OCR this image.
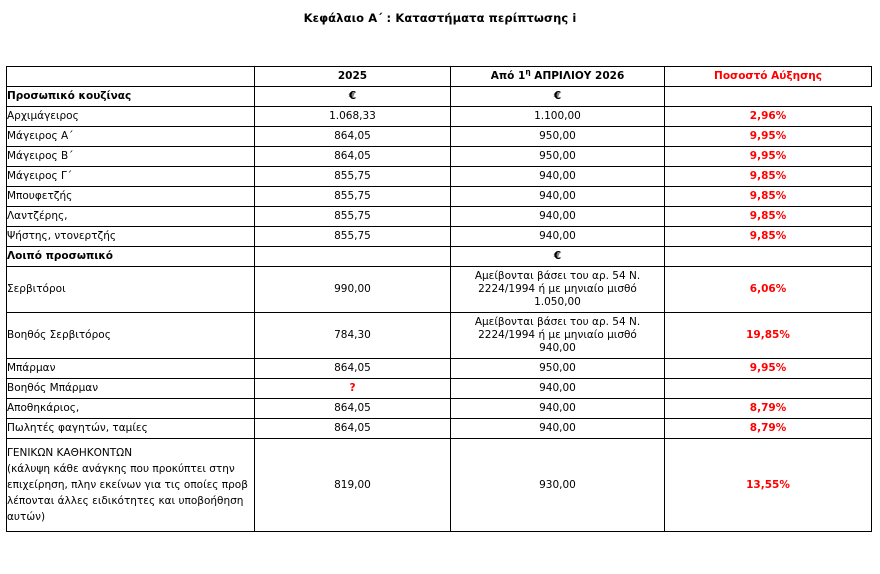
Κεφάλαιο Α΄ : Καταστήματα περίπτωσης i
	2025	Από $1^\eta$ ΑΠΡΙΛΙΟΥ 2026	Ποσοστό Αύξησης
Προσωπικό κουζίνας	€	€	
Αρχιμάγειρος	1.068,33	1.100,00	2,96%
Μάγειρος Α΄	864,05	950,00	9,95%
Μάγειρος Β΄	864,05	950,00	9,95%
Μάγειρος Γ΄	855,75	940,00	9,85%
Μπουφετζής	855,75	940,00	9,85%
Λαντζέρης,	855,75	940,00	9,85%
Ψήστης, ντονερτζής	855,75	940,00	9,85%
Λοιπό προσωπικό		€	
Σερβιτόροι	990,00	Αμείβονται βάσει του αρ. 54 Ν.
2224/1994 ή με μηνιαίο μισθό
1.050,00	6,06%
Βοηθός Σερβιτόρος	784,30	Αμείβονται βάσει του αρ. 54 Ν.
2224/1994 ή με μηνιαίο μισθό
940,00	19,85%
Μπάρμαν	864,05	950,00	9,95%
Βοηθός Μπάρμαν	?	940,00	
Αποθηκάριος,	864,05	940,00	8,79%
Πωλητές φαγητών, ταμίες	864,05	940,00	8,79%

ΓΕΝΙΚΩΝ ΚΑΘΗΚΟΝΤΩΝ
(κάλυψη κάθε ανάγκης που προκύπτει στην
επιχείρηση, πλην εκείνων για τις οποίες προβ
λέπονται άλλες ειδικότητες και υποβοήθηση
αυτών)	819,00	930,00	13,55%
